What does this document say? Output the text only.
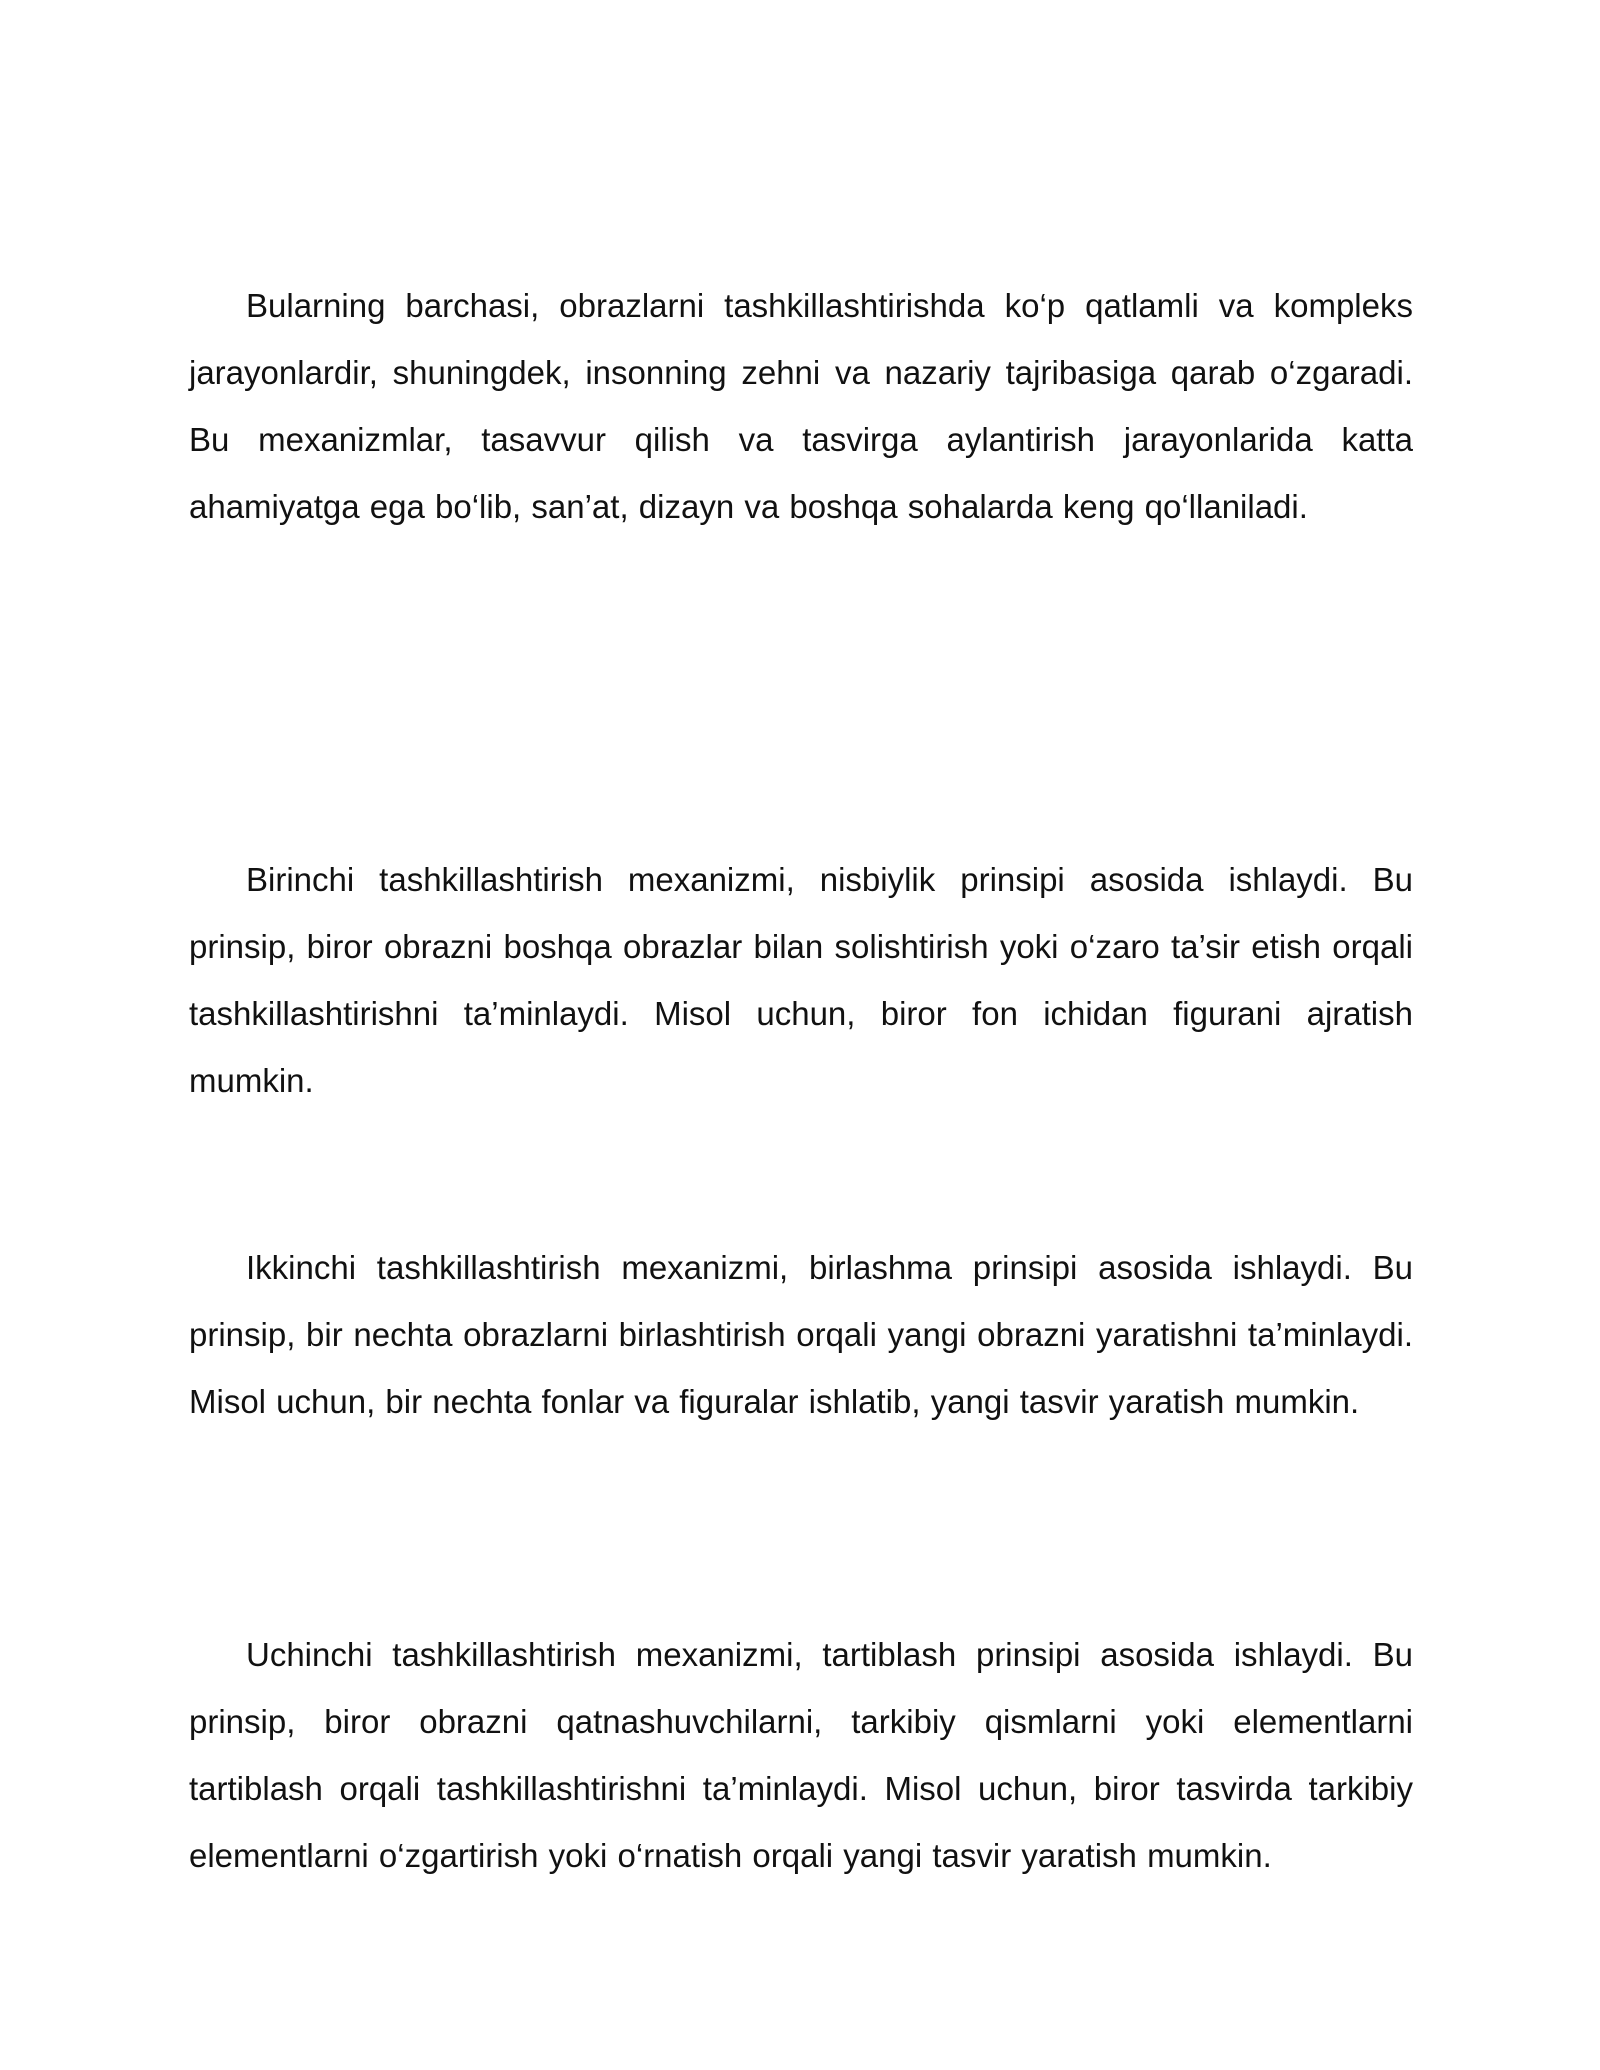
Bularning barchasi, obrazlarni tashkillashtirishda ko‘p qatlamli va kompleks jarayonlardir, shuningdek, insonning zehni va nazariy tajribasiga qarab o‘zgaradi. Bu mexanizmlar, tasavvur qilish va tasvirga aylantirish jarayonlarida katta ahamiyatga ega bo‘lib, san’at, dizayn va boshqa sohalarda keng qo‘llaniladi.

Birinchi tashkillashtirish mexanizmi, nisbiylik prinsipi asosida ishlaydi. Bu prinsip, biror obrazni boshqa obrazlar bilan solishtirish yoki o‘zaro ta’sir etish orqali tashkillashtirishni ta’minlaydi. Misol uchun, biror fon ichidan figurani ajratish mumkin.

Ikkinchi tashkillashtirish mexanizmi, birlashma prinsipi asosida ishlaydi. Bu prinsip, bir nechta obrazlarni birlashtirish orqali yangi obrazni yaratishni ta’minlaydi. Misol uchun, bir nechta fonlar va figuralar ishlatib, yangi tasvir yaratish mumkin.

Uchinchi tashkillashtirish mexanizmi, tartiblash prinsipi asosida ishlaydi. Bu prinsip, biror obrazni qatnashuvchilarni, tarkibiy qismlarni yoki elementlarni tartiblash orqali tashkillashtirishni ta’minlaydi. Misol uchun, biror tasvirda tarkibiy elementlarni o‘zgartirish yoki o‘rnatish orqali yangi tasvir yaratish mumkin.
